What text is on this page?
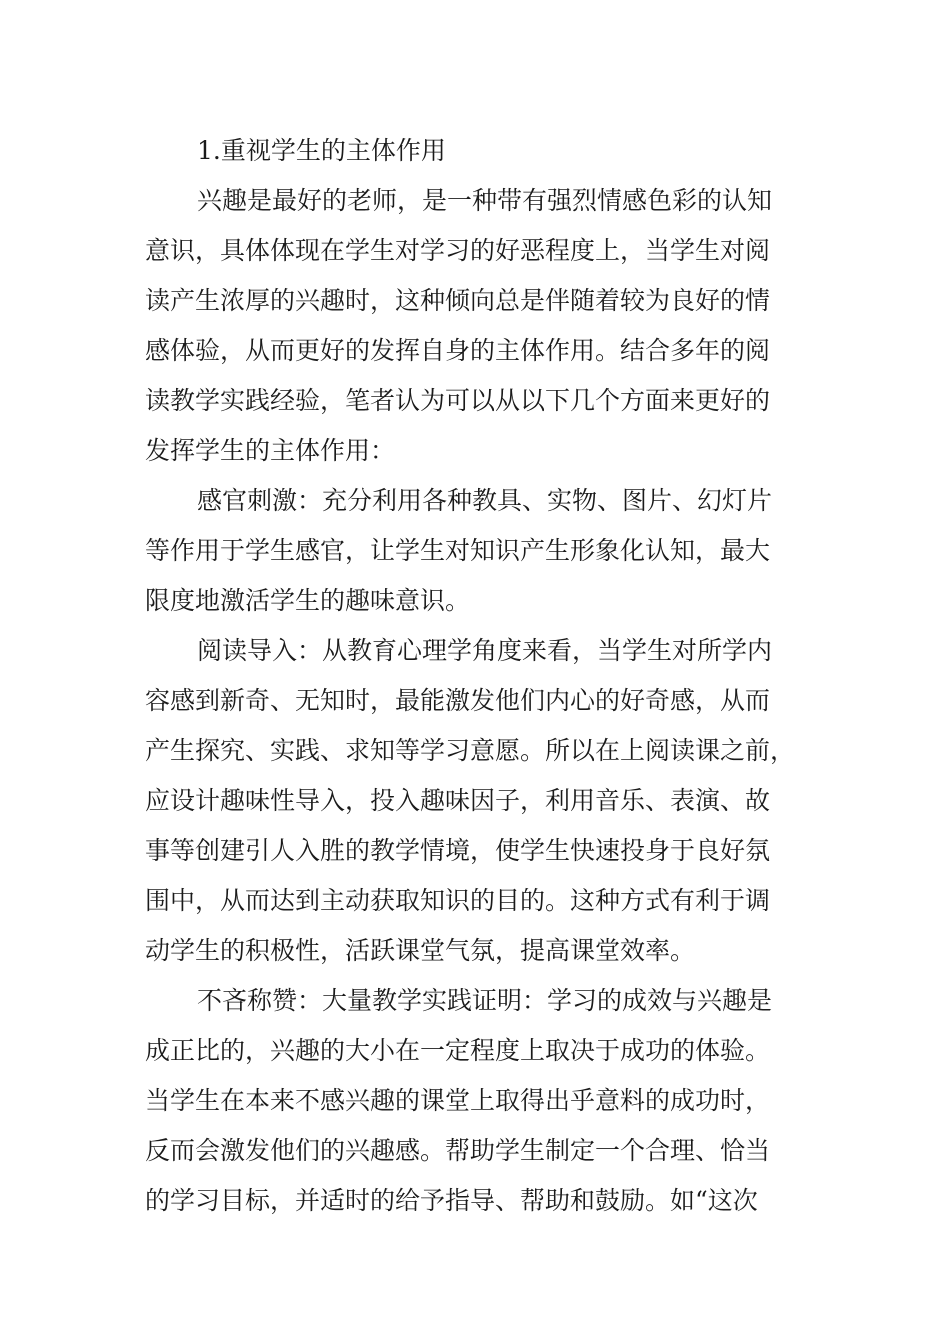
1.重视学生的主体作用
兴趣是最好的老师，是一种带有强烈情感色彩的认知
意识，具体体现在学生对学习的好恶程度上，当学生对阅
读产生浓厚的兴趣时，这种倾向总是伴随着较为良好的情
感体验，从而更好的发挥自身的主体作用。结合多年的阅
读教学实践经验，笔者认为可以从以下几个方面来更好的
发挥学生的主体作用：
感官刺激：充分利用各种教具、实物、图片、幻灯片
等作用于学生感官，让学生对知识产生形象化认知，最大
限度地激活学生的趣味意识。
阅读导入：从教育心理学角度来看，当学生对所学内
容感到新奇、无知时，最能激发他们内心的好奇感，从而
产生探究、实践、求知等学习意愿。所以在上阅读课之前，
应设计趣味性导入，投入趣味因子，利用音乐、表演、故
事等创建引人入胜的教学情境，使学生快速投身于良好氛
围中，从而达到主动获取知识的目的。这种方式有利于调
动学生的积极性，活跃课堂气氛，提高课堂效率。
不吝称赞：大量教学实践证明：学习的成效与兴趣是
成正比的，兴趣的大小在一定程度上取决于成功的体验。
当学生在本来不感兴趣的课堂上取得出乎意料的成功时，
反而会激发他们的兴趣感。帮助学生制定一个合理、恰当
的学习目标，并适时的给予指导、帮助和鼓励。如“这次
